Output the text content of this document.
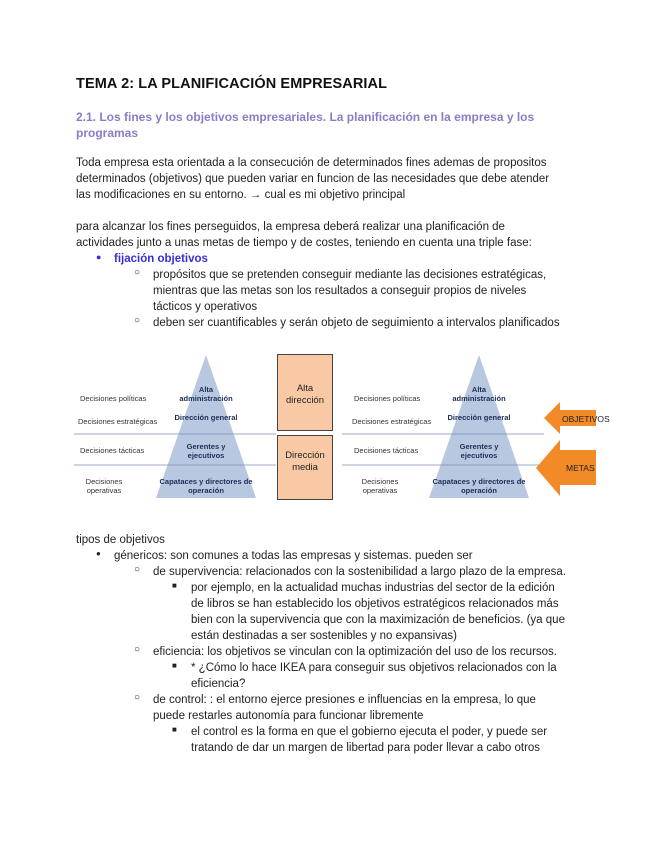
TEMA 2: LA PLANIFICACIÓN EMPRESARIAL
2.1. Los fines y los objetivos empresariales. La planificación en la empresa y los programas
Toda empresa esta orientada a la consecución de determinados fines ademas de propositos
determinados (objetivos) que pueden variar en funcion de las necesidades que debe atender
las modificaciones en su entorno. → cual es mi objetivo principal
para alcanzar los fines perseguidos, la empresa deberá realizar una planificación de
actividades junto a unas metas de tiempo y de costes, teniendo en cuenta una triple fase:
● fijación objetivos
○ propósitos que se pretenden conseguir mediante las decisiones estratégicas,
mientras que las metas son los resultados a conseguir propios de niveles
tácticos y operativos
○ deben ser cuantificables y serán objeto de seguimiento a intervalos planificados
Decisiones políticas
Decisiones estratégicas
Decisiones tácticas
Decisiones operativas
Alta administración
Dirección general
Gerentes y ejecutivos
Capataces y directores de operación
Alta dirección
Dirección media
Decisiones políticas
Decisiones estratégicas
Decisiones tácticas
Decisiones operativas
Alta administración
Dirección general
Gerentes y ejecutivos
Capataces y directores de operación
OBJETIVOS
METAS
tipos de objetivos
● génericos: son comunes a todas las empresas y sistemas. pueden ser
○ de supervivencia: relacionados con la sostenibilidad a largo plazo de la empresa.
■ por ejemplo, en la actualidad muchas industrias del sector de la edición
de libros se han establecido los objetivos estratégicos relacionados más
bien con la supervivencia que con la maximización de beneficios. (ya que
están destinadas a ser sostenibles y no expansivas)
○ eficiencia: los objetivos se vinculan con la optimización del uso de los recursos.
■ * ¿Cómo lo hace IKEA para conseguir sus objetivos relacionados con la
eficiencia?
○ de control: : el entorno ejerce presiones e influencias en la empresa, lo que
puede restarles autonomía para funcionar libremente
■ el control es la forma en que el gobierno ejecuta el poder, y puede ser
tratando de dar un margen de libertad para poder llevar a cabo otros
